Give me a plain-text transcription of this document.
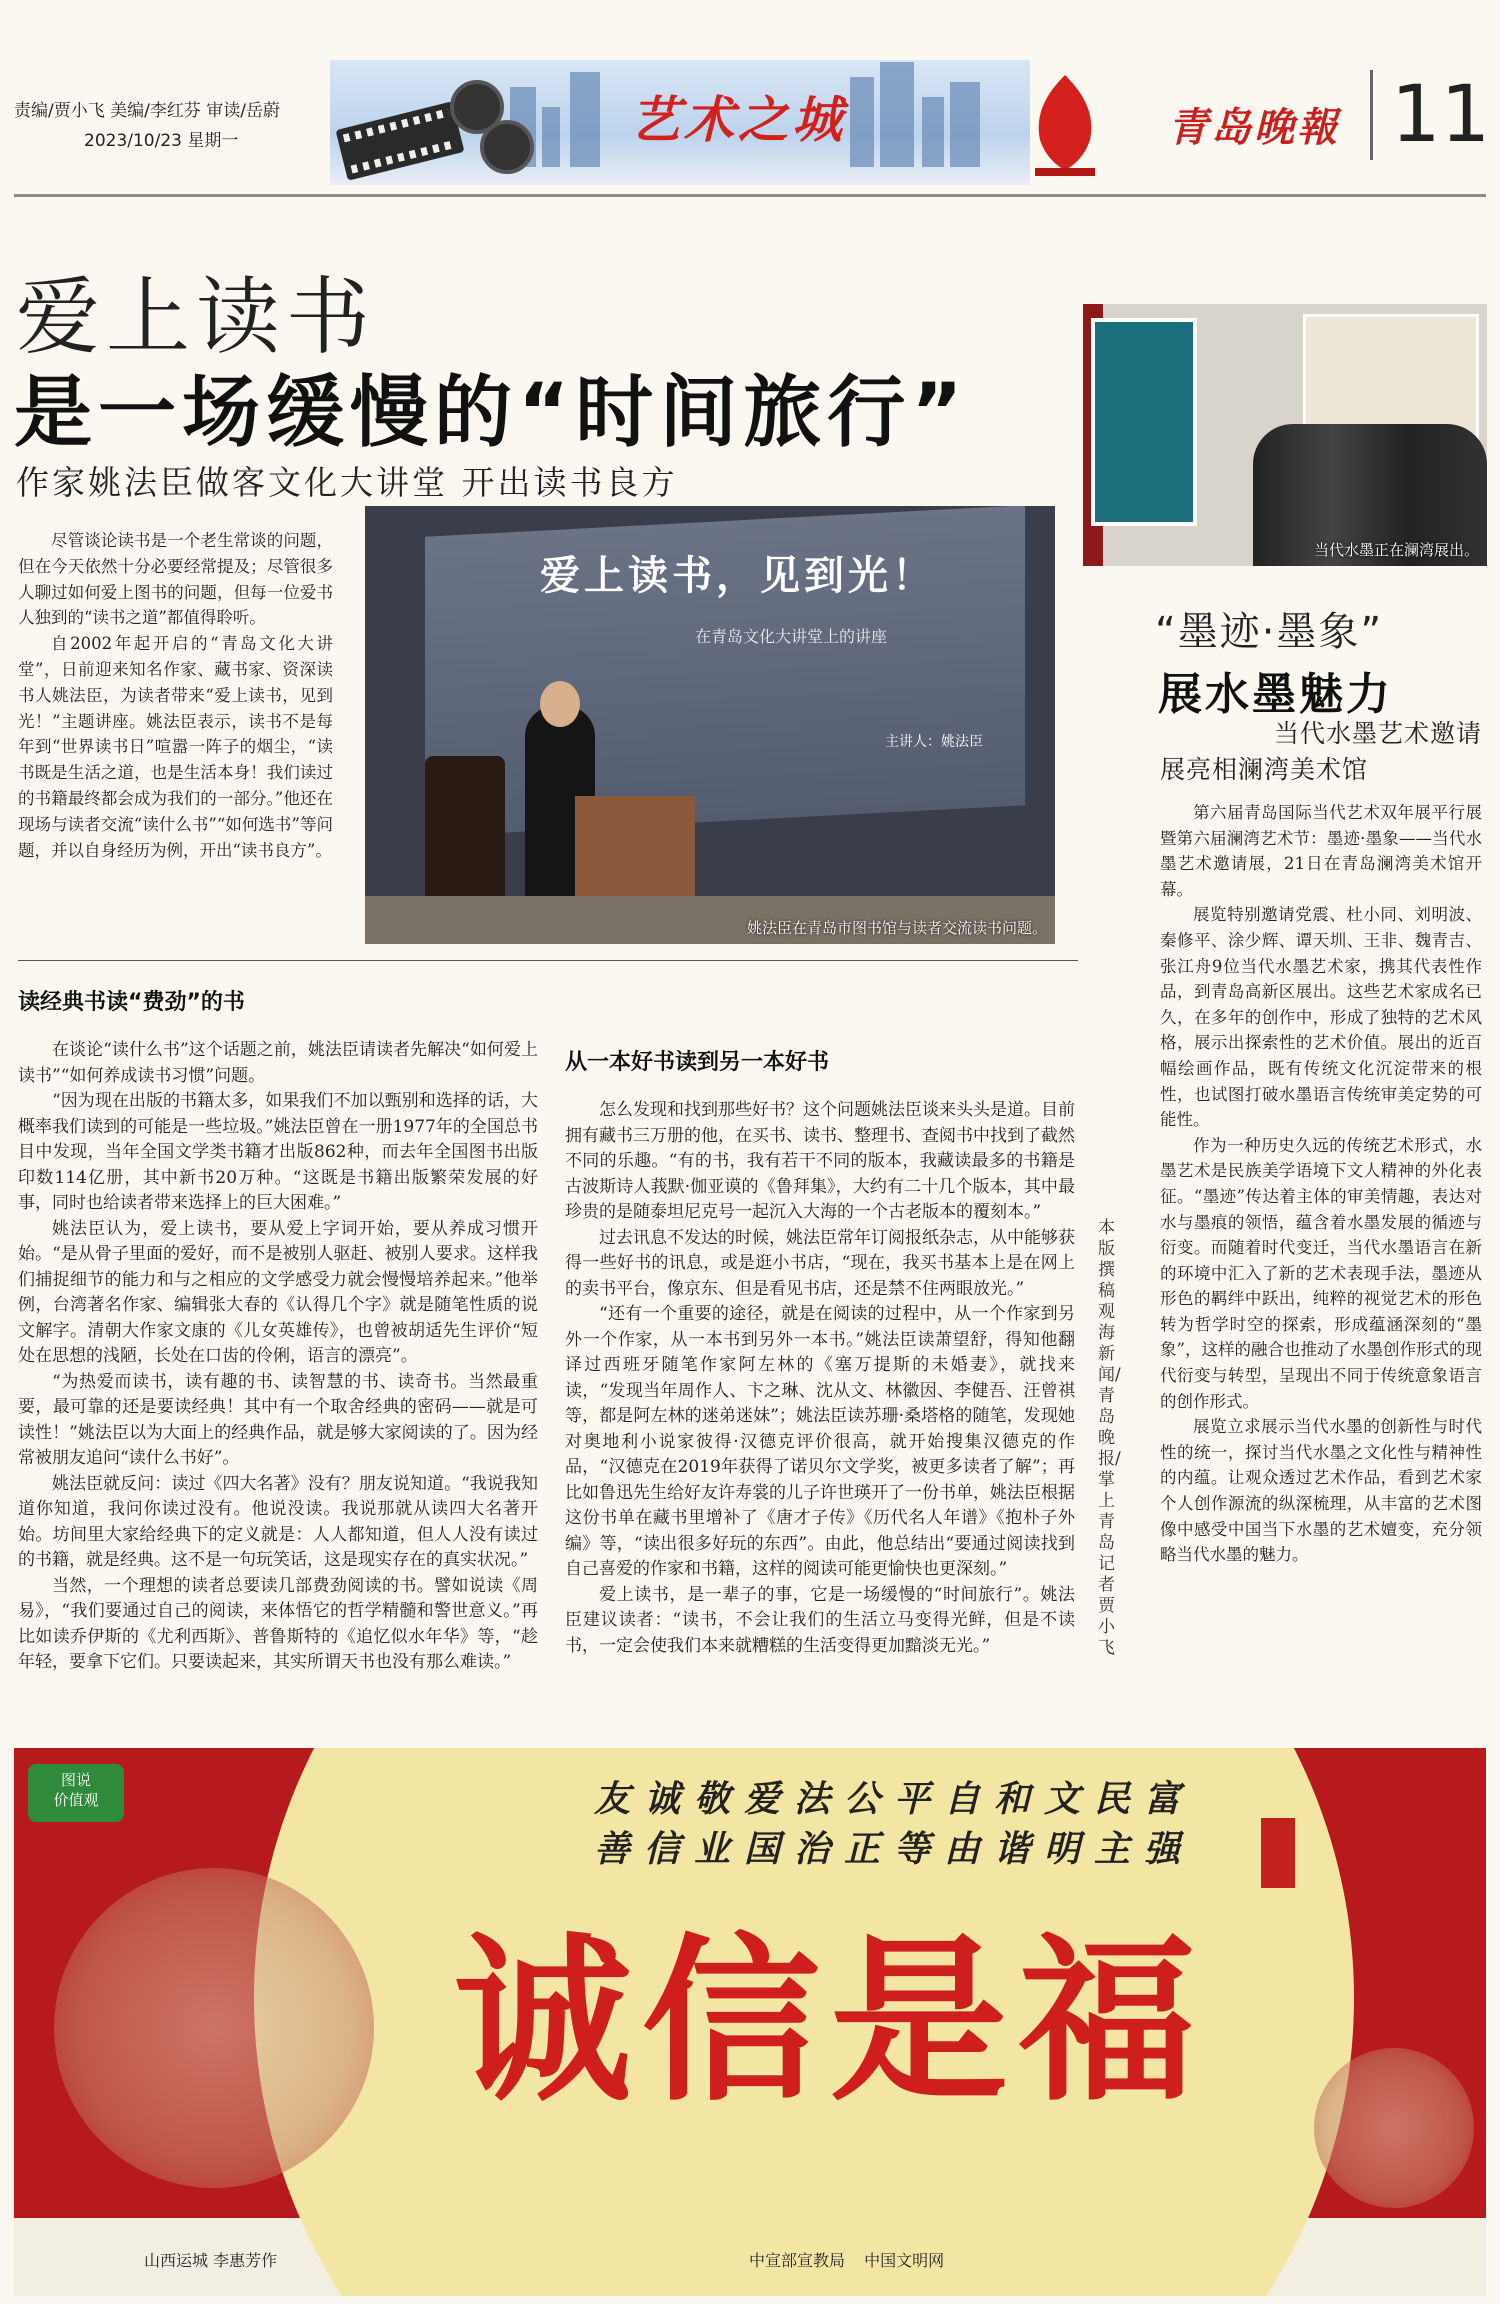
责编/贾小飞 美编/李红芬 审读/岳蔚
2023/10/23 星期一	艺术之城	青岛晚報 11
爱上读书
是一场缓慢的“时间旅行”
作家姚法臣做客文化大讲堂 开出读书良方

尽管谈论读书是一个老生常谈的问题，但在今天依然十分必要经常提及；尽管很多人聊过如何爱上图书的问题，但每一位爱书人独到的“读书之道”都值得聆听。

自2002年起开启的“青岛文化大讲堂”，日前迎来知名作家、藏书家、资深读书人姚法臣，为读者带来“爱上读书，见到光！”主题讲座。姚法臣表示，读书不是每年到“世界读书日”喧嚣一阵子的烟尘，“读书既是生活之道，也是生活本身！我们读过的书籍最终都会成为我们的一部分。”他还在现场与读者交流“读什么书”“如何选书”等问题，并以自身经历为例，开出“读书良方”。

爱上读书，见到光！
在青岛文化大讲堂上的讲座
主讲人：姚法臣
姚法臣在青岛市图书馆与读者交流读书问题。
读经典书读“费劲”的书

在谈论“读什么书”这个话题之前，姚法臣请读者先解决“如何爱上读书”“如何养成读书习惯”问题。

“因为现在出版的书籍太多，如果我们不加以甄别和选择的话，大概率我们读到的可能是一些垃圾。”姚法臣曾在一册1977年的全国总书目中发现，当年全国文学类书籍才出版862种，而去年全国图书出版印数114亿册，其中新书20万种。“这既是书籍出版繁荣发展的好事，同时也给读者带来选择上的巨大困难。”

姚法臣认为，爱上读书，要从爱上字词开始，要从养成习惯开始。“是从骨子里面的爱好，而不是被别人驱赶、被别人要求。这样我们捕捉细节的能力和与之相应的文学感受力就会慢慢培养起来。”他举例，台湾著名作家、编辑张大春的《认得几个字》就是随笔性质的说文解字。清朝大作家文康的《儿女英雄传》，也曾被胡适先生评价“短处在思想的浅陋，长处在口齿的伶俐，语言的漂亮”。

“为热爱而读书，读有趣的书、读智慧的书、读奇书。当然最重要，最可靠的还是要读经典！其中有一个取舍经典的密码——就是可读性！”姚法臣以为大面上的经典作品，就是够大家阅读的了。因为经常被朋友追问“读什么书好”。

姚法臣就反问：读过《四大名著》没有？朋友说知道。“我说我知道你知道，我问你读过没有。他说没读。我说那就从读四大名著开始。坊间里大家给经典下的定义就是：人人都知道，但人人没有读过的书籍，就是经典。这不是一句玩笑话，这是现实存在的真实状况。”

当然，一个理想的读者总要读几部费劲阅读的书。譬如说读《周易》，“我们要通过自己的阅读，来体悟它的哲学精髓和警世意义。”再比如读乔伊斯的《尤利西斯》、普鲁斯特的《追忆似水年华》等，“趁年轻，要拿下它们。只要读起来，其实所谓天书也没有那么难读。”

从一本好书读到另一本好书

怎么发现和找到那些好书？这个问题姚法臣谈来头头是道。目前拥有藏书三万册的他，在买书、读书、整理书、查阅书中找到了截然不同的乐趣。“有的书，我有若干不同的版本，我藏读最多的书籍是古波斯诗人莪默·伽亚谟的《鲁拜集》，大约有二十几个版本，其中最珍贵的是随泰坦尼克号一起沉入大海的一个古老版本的覆刻本。”

过去讯息不发达的时候，姚法臣常年订阅报纸杂志，从中能够获得一些好书的讯息，或是逛小书店，“现在，我买书基本上是在网上的卖书平台，像京东、但是看见书店，还是禁不住两眼放光。”

“还有一个重要的途径，就是在阅读的过程中，从一个作家到另外一个作家，从一本书到另外一本书。”姚法臣读萧望舒，得知他翻译过西班牙随笔作家阿左林的《塞万提斯的未婚妻》，就找来读，“发现当年周作人、卞之琳、沈从文、林徽因、李健吾、汪曾祺等，都是阿左林的迷弟迷妹”；姚法臣读苏珊·桑塔格的随笔，发现她对奥地利小说家彼得·汉德克评价很高，就开始搜集汉德克的作品，“汉德克在2019年获得了诺贝尔文学奖，被更多读者了解”；再比如鲁迅先生给好友许寿裳的儿子许世瑛开了一份书单，姚法臣根据这份书单在藏书里增补了《唐才子传》《历代名人年谱》《抱朴子外编》等，“读出很多好玩的东西”。由此，他总结出“要通过阅读找到自己喜爱的作家和书籍，这样的阅读可能更愉快也更深刻。”

爱上读书，是一辈子的事，它是一场缓慢的“时间旅行”。姚法臣建议读者：“读书，不会让我们的生活立马变得光鲜，但是不读书，一定会使我们本来就糟糕的生活变得更加黯淡无光。”

本版撰稿 观海新闻/青岛晚报/掌上青岛 记者 贾小飞
当代水墨正在澜湾展出。
“墨迹·墨象”
展水墨魅力
当代水墨艺术邀请
展亮相澜湾美术馆

第六届青岛国际当代艺术双年展平行展暨第六届澜湾艺术节：墨迹·墨象——当代水墨艺术邀请展，21日在青岛澜湾美术馆开幕。

展览特别邀请党震、杜小同、刘明波、秦修平、涂少辉、谭天圳、王非、魏青吉、张江舟9位当代水墨艺术家，携其代表性作品，到青岛高新区展出。这些艺术家成名已久，在多年的创作中，形成了独特的艺术风格，展示出探索性的艺术价值。展出的近百幅绘画作品，既有传统文化沉淀带来的根性，也试图打破水墨语言传统审美定势的可能性。

作为一种历史久远的传统艺术形式，水墨艺术是民族美学语境下文人精神的外化表征。“墨迹”传达着主体的审美情趣，表达对水与墨痕的领悟，蕴含着水墨发展的循迹与衍变。而随着时代变迁，当代水墨语言在新的环境中汇入了新的艺术表现手法，墨迹从形色的羁绊中跃出，纯粹的视觉艺术的形色转为哲学时空的探索，形成蕴涵深刻的“墨象”，这样的融合也推动了水墨创作形式的现代衍变与转型，呈现出不同于传统意象语言的创作形式。

展览立求展示当代水墨的创新性与时代性的统一，探讨当代水墨之文化性与精神性的内蕴。让观众透过艺术作品，看到艺术家个人创作源流的纵深梳理，从丰富的艺术图像中感受中国当下水墨的艺术嬗变，充分领略当代水墨的魅力。

图说
价值观	友诚敬爱法公平自和文民富
善信业国治正等由谐明主强
诚信是福
山西运城 李惠芳作	中宣部宣教局 中国文明网
